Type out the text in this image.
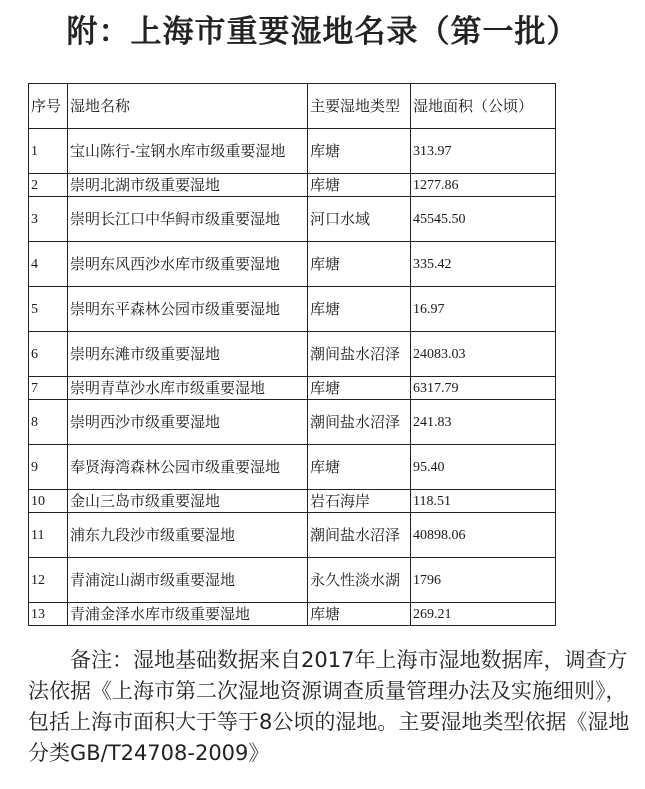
附：上海市重要湿地名录（第一批）
序号	湿地名称	主要湿地类型	湿地面积（公顷）
1	宝山陈行-宝钢水库市级重要湿地	库塘	313.97
2	崇明北湖市级重要湿地	库塘	1277.86
3	崇明长江口中华鲟市级重要湿地	河口水域	45545.50
4	崇明东风西沙水库市级重要湿地	库塘	335.42
5	崇明东平森林公园市级重要湿地	库塘	16.97
6	崇明东滩市级重要湿地	潮间盐水沼泽	24083.03
7	崇明青草沙水库市级重要湿地	库塘	6317.79
8	崇明西沙市级重要湿地	潮间盐水沼泽	241.83
9	奉贤海湾森林公园市级重要湿地	库塘	95.40
10	金山三岛市级重要湿地	岩石海岸	118.51
11	浦东九段沙市级重要湿地	潮间盐水沼泽	40898.06
12	青浦淀山湖市级重要湿地	永久性淡水湖	1796
13	青浦金泽水库市级重要湿地	库塘	269.21

备注：湿地基础数据来自2017年上海市湿地数据库，调查方法依据《上海市第二次湿地资源调查质量管理办法及实施细则》，包括上海市面积大于等于8公顷的湿地。主要湿地类型依据《湿地分类GB/T24708-2009》
